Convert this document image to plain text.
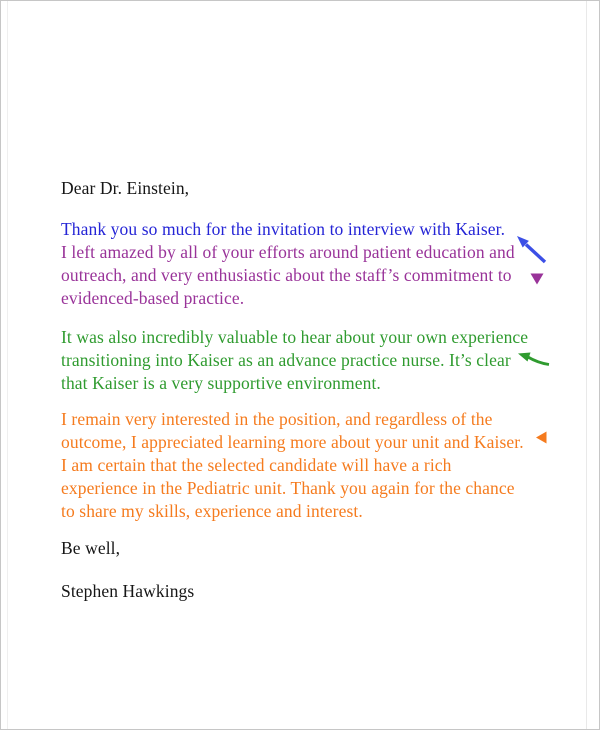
Dear Dr. Einstein,
Thank you so much for the invitation to interview with Kaiser.
I left amazed by all of your efforts around patient education and
outreach, and very enthusiastic about the staff’s commitment to
evidenced-based practice.
It was also incredibly valuable to hear about your own experience
transitioning into Kaiser as an advance practice nurse. It’s clear
that Kaiser is a very supportive environment.
I remain very interested in the position, and regardless of the
outcome, I appreciated learning more about your unit and Kaiser.
I am certain that the selected candidate will have a rich
experience in the Pediatric unit. Thank you again for the chance
to share my skills, experience and interest.
Be well,
Stephen Hawkings
